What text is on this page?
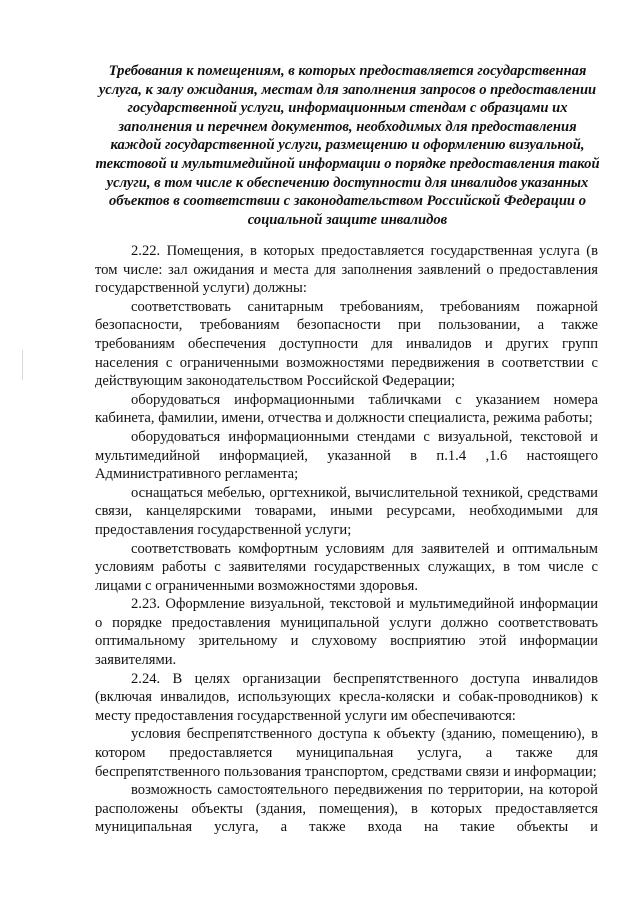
Требования к помещениям, в которых предоставляется государственная услуга, к залу ожидания, местам для заполнения запросов о предоставлении государственной услуги, информационным стендам с образцами их заполнения и перечнем документов, необходимых для предоставления каждой государственной услуги, размещению и оформлению визуальной, текстовой и мультимедийной информации о порядке предоставления такой услуги, в том числе к обеспечению доступности для инвалидов указанных объектов в соответствии с законодательством Российской Федерации о социальной защите инвалидов

2.22. Помещения, в которых предоставляется государственная услуга (в том числе: зал ожидания и места для заполнения заявлений о предоставления государственной услуги) должны:

соответствовать санитарным требованиям, требованиям пожарной безопасности, требованиям безопасности при пользовании, а также требованиям обеспечения доступности для инвалидов и других групп населения с ограниченными возможностями передвижения в соответствии с действующим законодательством Российской Федерации;

оборудоваться информационными табличками с указанием номера кабинета, фамилии, имени, отчества и должности специалиста, режима работы;

оборудоваться информационными стендами с визуальной, текстовой и мультимедийной информацией, указанной в п.1.4 ,1.6 настоящего Административного регламента;

оснащаться мебелью, оргтехникой, вычислительной техникой, средствами связи, канцелярскими товарами, иными ресурсами, необходимыми для предоставления государственной услуги;

соответствовать комфортным условиям для заявителей и оптимальным условиям работы с заявителями государственных служащих, в том числе с лицами с ограниченными возможностями здоровья.

2.23. Оформление визуальной, текстовой и мультимедийной информации о порядке предоставления муниципальной услуги должно соответствовать оптимальному зрительному и слуховому восприятию этой информации заявителями.

2.24. В целях организации беспрепятственного доступа инвалидов (включая инвалидов, использующих кресла-коляски и собак-проводников) к месту предоставления государственной услуги им обеспечиваются:

условия беспрепятственного доступа к объекту (зданию, помещению), в котором предоставляется муниципальная услуга, а также для беспрепятственного пользования транспортом, средствами связи и информации;

возможность самостоятельного передвижения по территории, на которой расположены объекты (здания, помещения), в которых предоставляется муниципальная услуга, а также входа на такие объекты и
